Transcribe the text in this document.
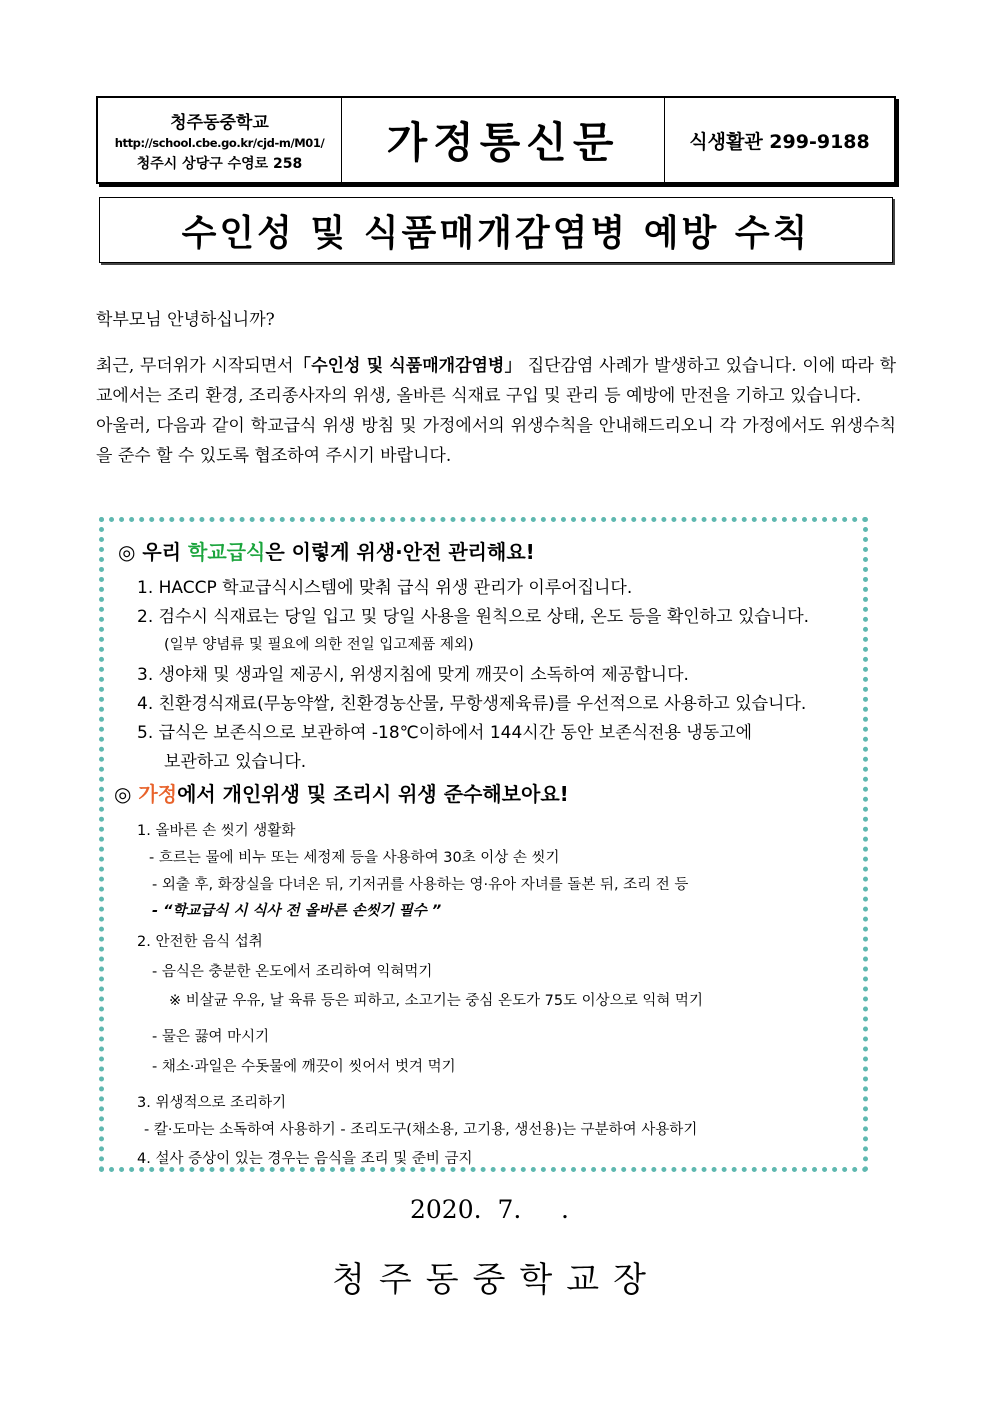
청주동중학교
http://school.cbe.go.kr/cjd-m/M01/
청주시 상당구 수영로 258	가정통신문	식생활관 299-9188
수인성 및 식품매개감염병 예방 수칙

학부모님 안녕하십니까?

최근, 무더위가 시작되면서「수인성 및 식품매개감염병」 집단감염 사례가 발생하고 있습니다. 이에 따라 학교에서는 조리 환경, 조리종사자의 위생, 올바른 식재료 구입 및 관리 등 예방에 만전을 기하고 있습니다.

아울러, 다음과 같이 학교급식 위생 방침 및 가정에서의 위생수칙을 안내해드리오니 각 가정에서도 위생수칙을 준수 할 수 있도록 협조하여 주시기 바랍니다.

◎ 우리 학교급식은 이렇게 위생·안전 관리해요!
1. HACCP 학교급식시스템에 맞춰 급식 위생 관리가 이루어집니다.
2. 검수시 식재료는 당일 입고 및 당일 사용을 원칙으로 상태, 온도 등을 확인하고 있습니다.
(일부 양념류 및 필요에 의한 전일 입고제품 제외)
3. 생야채 및 생과일 제공시, 위생지침에 맞게 깨끗이 소독하여 제공합니다.
4. 친환경식재료(무농약쌀, 친환경농산물, 무항생제육류)를 우선적으로 사용하고 있습니다.
5. 급식은 보존식으로 보관하여 -18℃이하에서 144시간 동안 보존식전용 냉동고에
보관하고 있습니다.
◎ 가정에서 개인위생 및 조리시 위생 준수해보아요!
1. 올바른 손 씻기 생활화
- 흐르는 물에 비누 또는 세정제 등을 사용하여 30초 이상 손 씻기
- 외출 후, 화장실을 다녀온 뒤, 기저귀를 사용하는 영·유아 자녀를 돌본 뒤, 조리 전 등
- “학교급식 시 식사 전 올바른 손씻기 필수 ”
2. 안전한 음식 섭취
- 음식은 충분한 온도에서 조리하여 익혀먹기
※ 비살균 우유, 날 육류 등은 피하고, 소고기는 중심 온도가 75도 이상으로 익혀 먹기
- 물은 끓여 마시기
- 채소·과일은 수돗물에 깨끗이 씻어서 벗겨 먹기
3. 위생적으로 조리하기
- 칼·도마는 소독하여 사용하기 - 조리도구(채소용, 고기용, 생선용)는 구분하여 사용하기
4. 설사 증상이 있는 경우는 음식을 조리 및 준비 금지
2020.  7.     .
청주동중학교장
